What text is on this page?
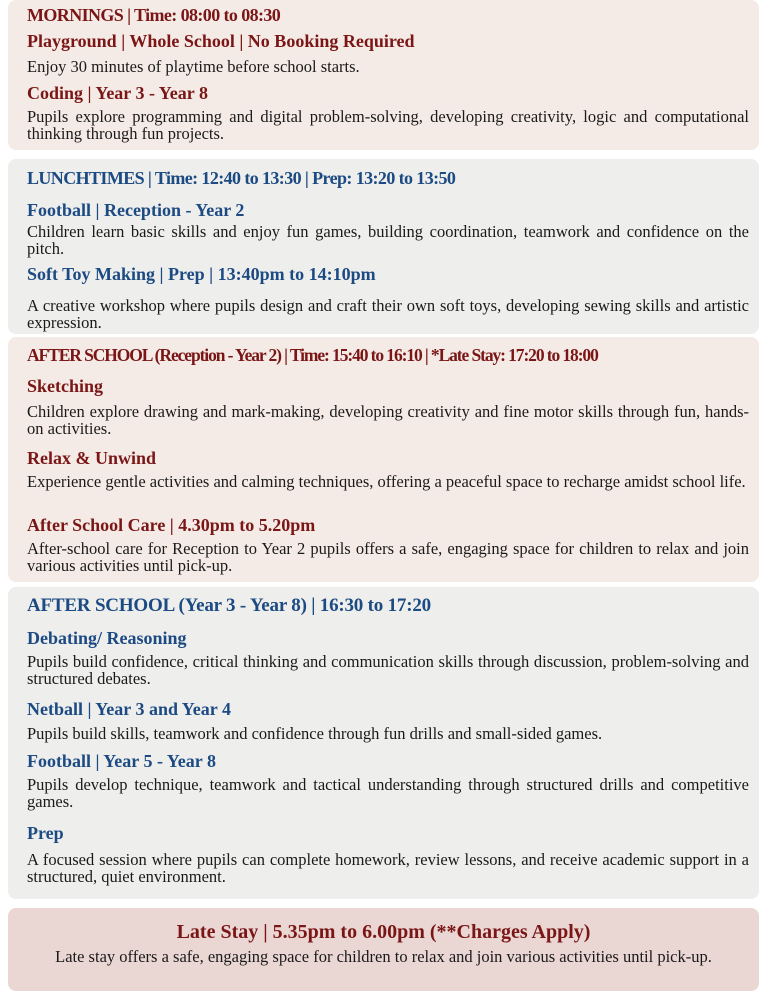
MORNINGS | Time: 08:00 to 08:30
Playground | Whole School | No Booking Required
Enjoy 30 minutes of playtime before school starts.
Coding | Year 3 - Year 8
Pupils explore programming and digital problem-solving, developing creativity, logic and computational thinking through fun projects.
LUNCHTIMES | Time: 12:40 to 13:30 | Prep: 13:20 to 13:50
Football | Reception - Year 2
Children learn basic skills and enjoy fun games, building coordination, teamwork and confidence on the pitch.
Soft Toy Making | Prep | 13:40pm to 14:10pm
A creative workshop where pupils design and craft their own soft toys, developing sewing skills and artistic expression.
AFTER SCHOOL (Reception - Year 2) | Time: 15:40 to 16:10 | *Late Stay: 17:20 to 18:00
Sketching
Children explore drawing and mark-making, developing creativity and fine motor skills through fun, hands-on activities.
Relax & Unwind
Experience gentle activities and calming techniques, offering a peaceful space to recharge amidst school life.
After School Care | 4.30pm to 5.20pm
After-school care for Reception to Year 2 pupils offers a safe, engaging space for children to relax and join various activities until pick-up.
AFTER SCHOOL (Year 3 - Year 8) | 16:30 to 17:20
Debating/ Reasoning
Pupils build confidence, critical thinking and communication skills through discussion, problem-solving and structured debates.
Netball | Year 3 and Year 4
Pupils build skills, teamwork and confidence through fun drills and small-sided games.
Football | Year 5 - Year 8
Pupils develop technique, teamwork and tactical understanding through structured drills and competitive games.
Prep
A focused session where pupils can complete homework, review lessons, and receive academic support in a structured, quiet environment.
Late Stay | 5.35pm to 6.00pm (**Charges Apply)
Late stay offers a safe, engaging space for children to relax and join various activities until pick-up.
